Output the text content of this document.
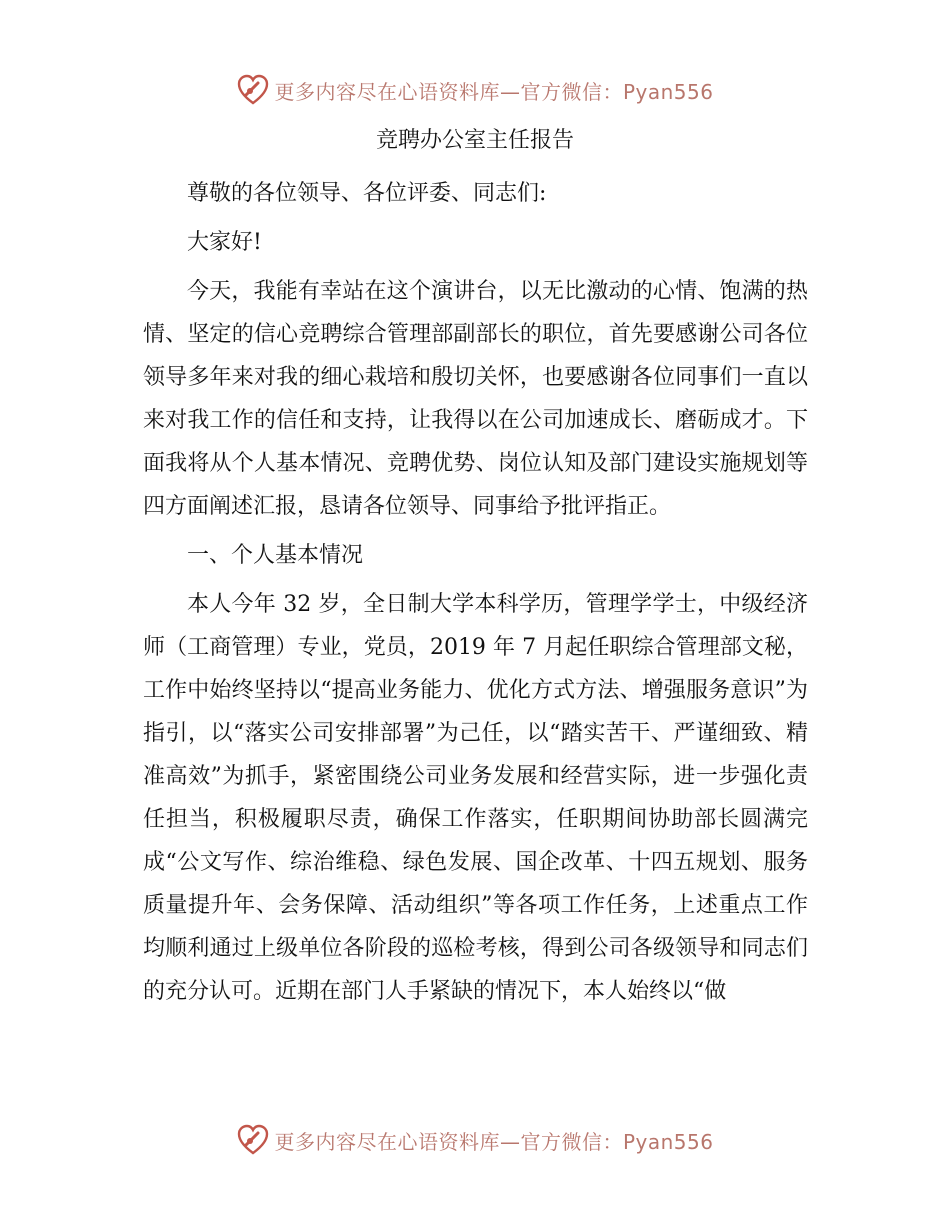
更多内容尽在心语资料库—官方微信：Pyan556
竞聘办公室主任报告

尊敬的各位领导、各位评委、同志们:

大家好!

今天，我能有幸站在这个演讲台，以无比激动的心情、饱满的热情、坚定的信心竞聘综合管理部副部长的职位，首先要感谢公司各位领导多年来对我的细心栽培和殷切关怀，也要感谢各位同事们一直以来对我工作的信任和支持，让我得以在公司加速成长、磨砺成才。下面我将从个人基本情况、竞聘优势、岗位认知及部门建设实施规划等四方面阐述汇报，恳请各位领导、同事给予批评指正。

一、个人基本情况

本人今年 32 岁，全日制大学本科学历，管理学学士，中级经济师（工商管理）专业，党员，2019 年 7 月起任职综合管理部文秘，工作中始终坚持以“提高业务能力、优化方式方法、增强服务意识”为指引，以“落实公司安排部署”为己任，以“踏实苦干、严谨细致、精准高效”为抓手，紧密围绕公司业务发展和经营实际，进一步强化责任担当，积极履职尽责，确保工作落实，任职期间协助部长圆满完成“公文写作、综治维稳、绿色发展、国企改革、十四五规划、服务质量提升年、会务保障、活动组织”等各项工作任务，上述重点工作均顺利通过上级单位各阶段的巡检考核，得到公司各级领导和同志们的充分认可。近期在部门人手紧缺的情况下，本人始终以“做

更多内容尽在心语资料库—官方微信：Pyan556
